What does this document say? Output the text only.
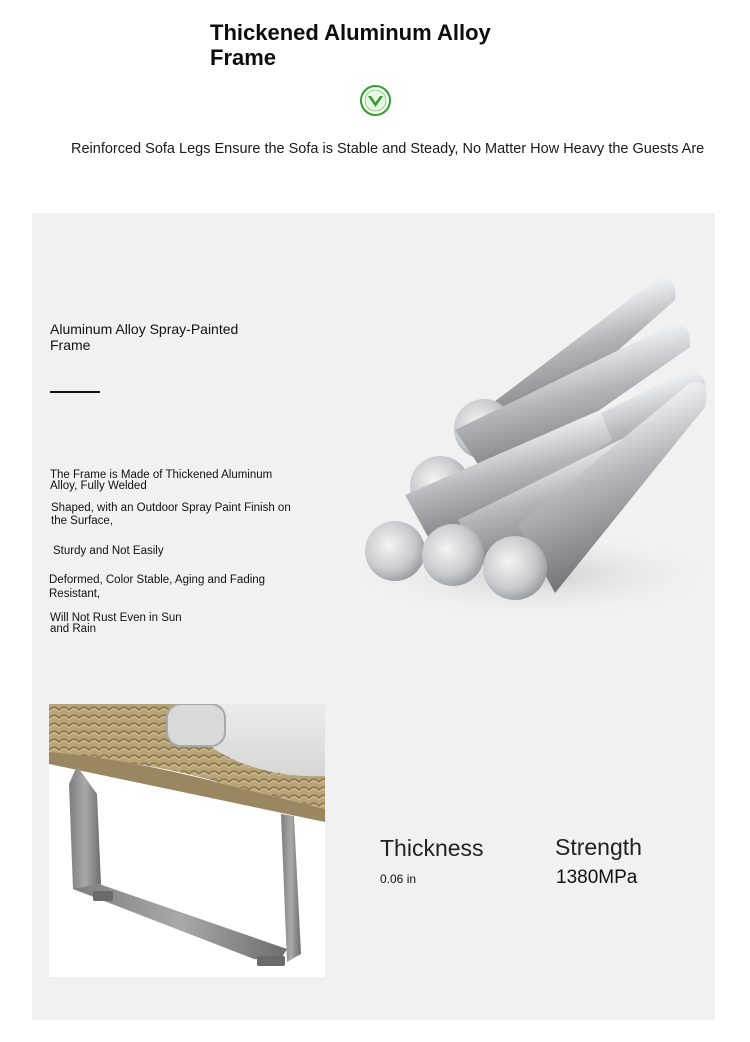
Thickened Aluminum Alloy
Frame
Reinforced Sofa Legs Ensure the Sofa is Stable and Steady, No Matter How Heavy the Guests Are
Aluminum Alloy Spray-Painted
Frame
The Frame is Made of Thickened Aluminum
Alloy, Fully Welded
Shaped, with an Outdoor Spray Paint Finish on
the Surface,
Sturdy and Not Easily
Deformed, Color Stable, Aging and Fading
Resistant,
Will Not Rust Even in Sun
and Rain
Thickness
0.06 in
Strength
1380MPa
